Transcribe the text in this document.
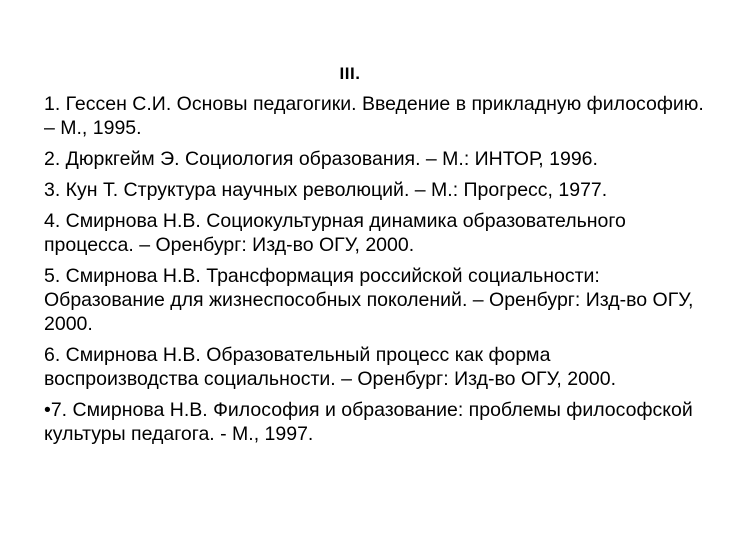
III.
1. Гессен С.И. Основы педагогики. Введение в прикладную философию. – М., 1995.
2. Дюркгейм Э. Социология образования. – М.: ИНТОР, 1996.
3. Кун Т. Структура научных революций. – М.: Прогресс, 1977.
4. Смирнова Н.В. Социокультурная динамика образовательного процесса. – Оренбург: Изд-во ОГУ, 2000.
5. Смирнова Н.В. Трансформация российской социальности: Образование для жизнеспособных поколений. – Оренбург: Изд-во ОГУ, 2000.
6. Смирнова Н.В. Образовательный процесс как форма воспроизводства социальности. – Оренбург: Изд-во ОГУ, 2000.
•7. Смирнова Н.В. Философия и образование: проблемы философской культуры педагога. - М., 1997.
